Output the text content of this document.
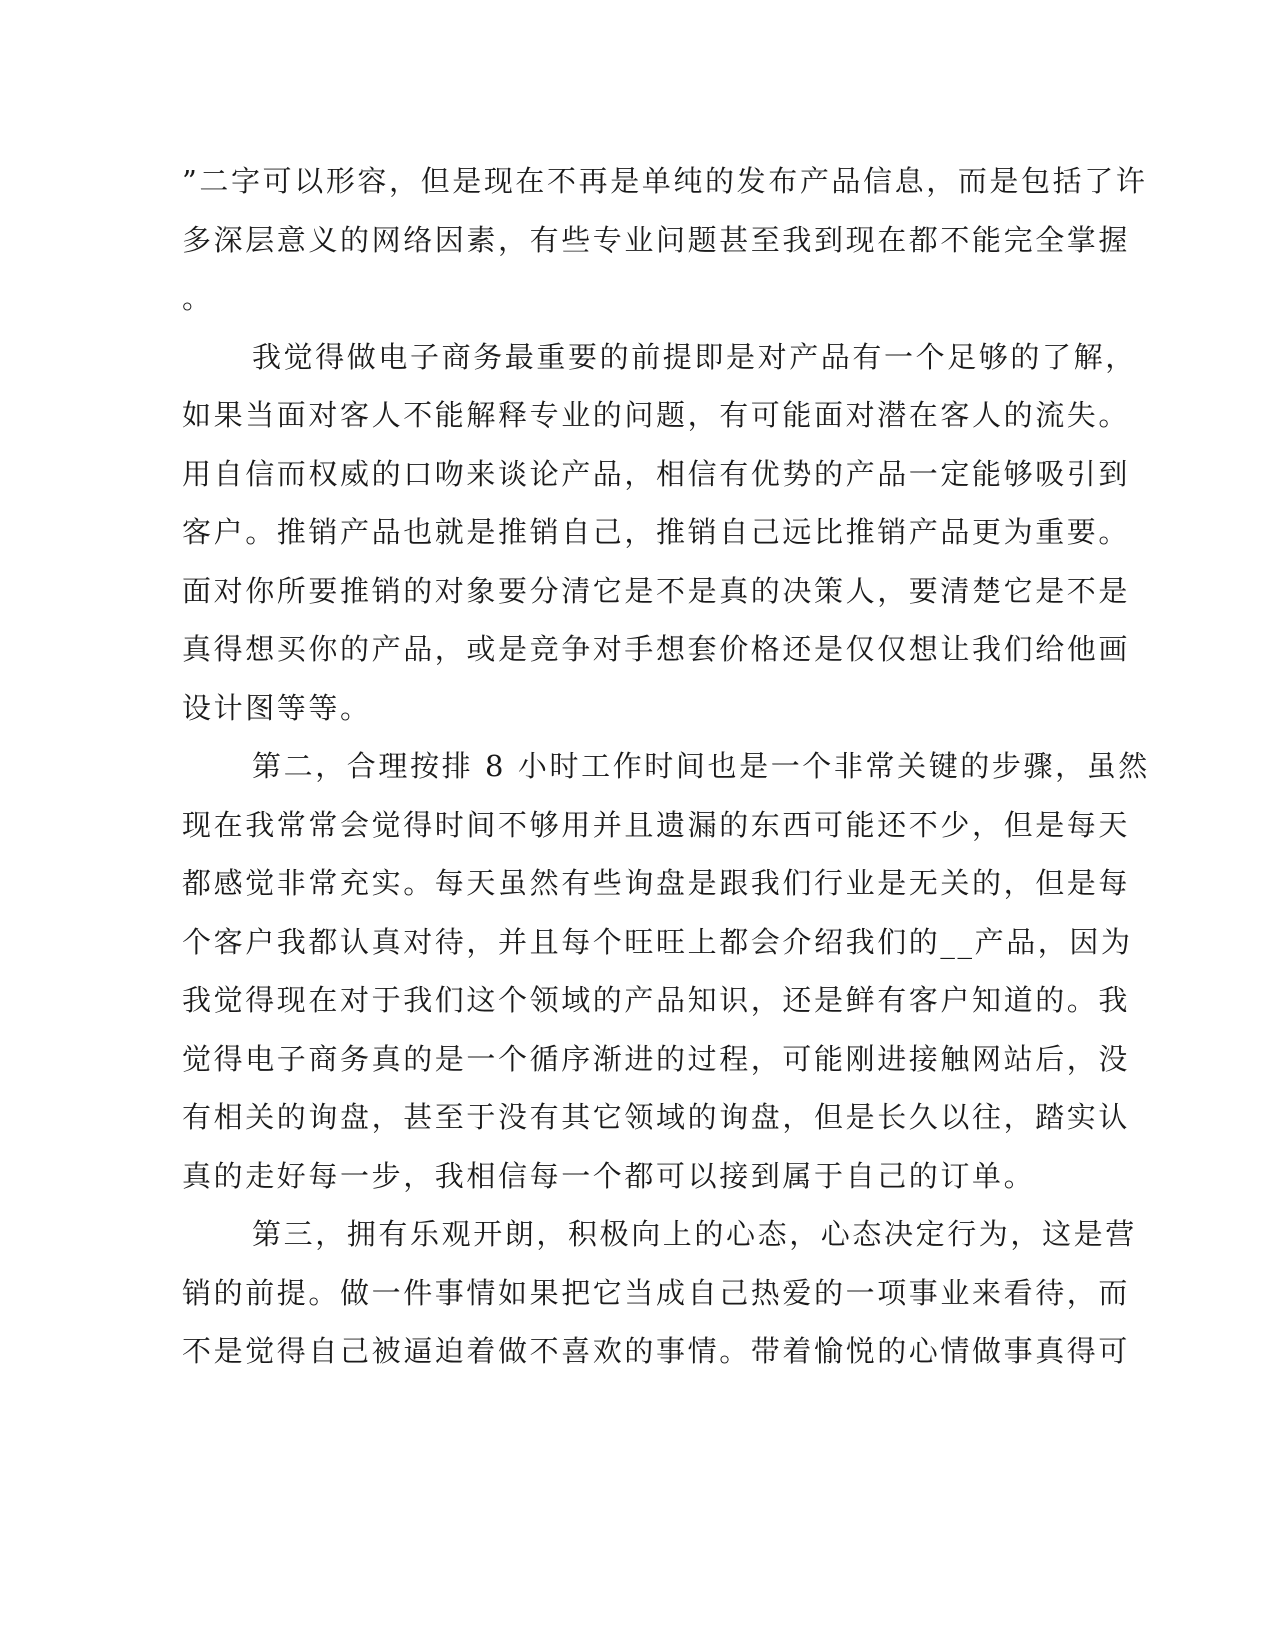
”二字可以形容，但是现在不再是单纯的发布产品信息，而是包括了许
多深层意义的网络因素，有些专业问题甚至我到现在都不能完全掌握
。
我觉得做电子商务最重要的前提即是对产品有一个足够的了解，
如果当面对客人不能解释专业的问题，有可能面对潜在客人的流失。
用自信而权威的口吻来谈论产品，相信有优势的产品一定能够吸引到
客户。推销产品也就是推销自己，推销自己远比推销产品更为重要。
面对你所要推销的对象要分清它是不是真的决策人，要清楚它是不是
真得想买你的产品，或是竞争对手想套价格还是仅仅想让我们给他画
设计图等等。
第二，合理按排 8 小时工作时间也是一个非常关键的步骤，虽然
现在我常常会觉得时间不够用并且遗漏的东西可能还不少，但是每天
都感觉非常充实。每天虽然有些询盘是跟我们行业是无关的，但是每
个客户我都认真对待，并且每个旺旺上都会介绍我们的__产品，因为
我觉得现在对于我们这个领域的产品知识，还是鲜有客户知道的。我
觉得电子商务真的是一个循序渐进的过程，可能刚进接触网站后，没
有相关的询盘，甚至于没有其它领域的询盘，但是长久以往，踏实认
真的走好每一步，我相信每一个都可以接到属于自己的订单。
第三，拥有乐观开朗，积极向上的心态，心态决定行为，这是营
销的前提。做一件事情如果把它当成自己热爱的一项事业来看待，而
不是觉得自己被逼迫着做不喜欢的事情。带着愉悦的心情做事真得可
